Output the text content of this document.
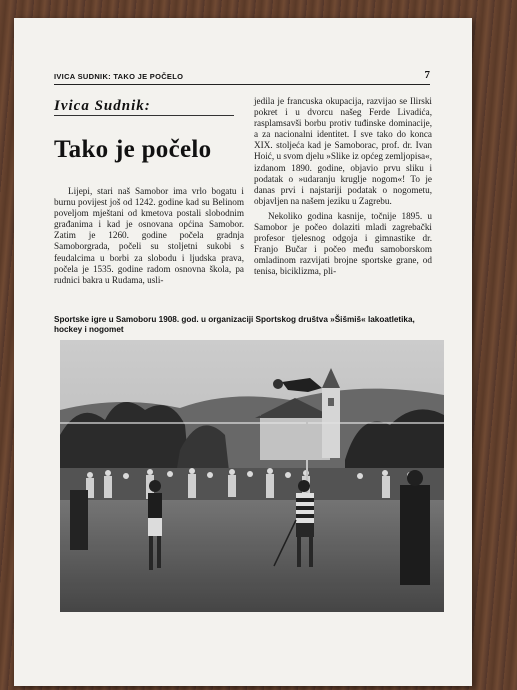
IVICA SUDNIK: TAKO JE POČELO	7
Ivica Sudnik:
Tako je počelo

Lijepi, stari naš Samobor ima vrlo bogatu i burnu povijest još od 1242. godine kad su Belinom poveljom mještani od kmetova postali slobodnim građanima i kad je osnovana općina Samobor. Zatim je 1260. godine počela gradnja Samoborgrada, počeli su stoljetni sukobi s feudalcima u borbi za slobodu i ljudska prava, počela je 1535. godine radom osnovna škola, pa rudnici bakra u Rudama, usli-

jedila je francuska okupacija, razvijao se Ilirski pokret i u dvorcu našeg Ferde Livadića, rasplamsavši borbu protiv tuđinske dominacije, a za nacionalni identitet. I sve tako do konca XIX. stoljeća kad je Samoborac, prof. dr. Ivan Hoić, u svom djelu »Slike iz općeg zemljopisa«, izdanom 1890. godine, objavio prvu sliku i podatak o »udaranju kruglje nogom«! To je danas prvi i najstariji podatak o nogometu, objavljen na našem jeziku u Zagrebu.

Nekoliko godina kasnije, točnije 1895. u Samobor je počeo dolaziti mladi zagrebački profesor tjelesnog odgoja i gimnastike dr. Franjo Bučar i počeo među samoborskom omladinom razvijati brojne sportske grane, od tenisa, biciklizma, pli-

Sportske igre u Samoboru 1908. god. u organizaciji Sportskog društva »Šišmiš« lakoatletika, hockey i nogomet
